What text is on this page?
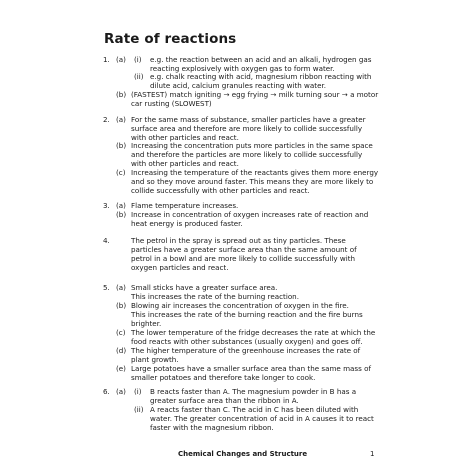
Rate of reactions
1. (a) (i) e.g. the reaction between an acid and an alkali, hydrogen gas
reacting explosively with oxygen gas to form water.
(ii) e.g. chalk reacting with acid, magnesium ribbon reacting with
dilute acid, calcium granules reacting with water.
(b) (FASTEST) match igniting → egg frying → milk turning sour → a motor
car rusting (SLOWEST)
2. (a) For the same mass of substance, smaller particles have a greater
surface area and therefore are more likely to collide successfully
with other particles and react.
(b) Increasing the concentration puts more particles in the same space
and therefore the particles are more likely to collide successfully
with other particles and react.
(c) Increasing the temperature of the reactants gives them more energy
and so they move around faster. This means they are more likely to
collide successfully with other particles and react.
3. (a) Flame temperature increases.
(b) Increase in concentration of oxygen increases rate of reaction and
heat energy is produced faster.
4.	The petrol in the spray is spread out as tiny particles. These
particles have a greater surface area than the same amount of
petrol in a bowl and are more likely to collide successfully with
oxygen particles and react.
5. (a) Small sticks have a greater surface area.
This increases the rate of the burning reaction.
(b) Blowing air increases the concentration of oxygen in the fire.
This increases the rate of the burning reaction and the fire burns
brighter.
(c) The lower temperature of the fridge decreases the rate at which the
food reacts with other substances (usually oxygen) and goes off.
(d) The higher temperature of the greenhouse increases the rate of
plant growth.
(e) Large potatoes have a smaller surface area than the same mass of
smaller potatoes and therefore take longer to cook.
6. (a) (i) B reacts faster than A. The magnesium powder in B has a
greater surface area than the ribbon in A.
(ii) A reacts faster than C. The acid in C has been diluted with
water. The greater concentration of acid in A causes it to react
faster with the magnesium ribbon.
Chemical Changes and Structure	1
